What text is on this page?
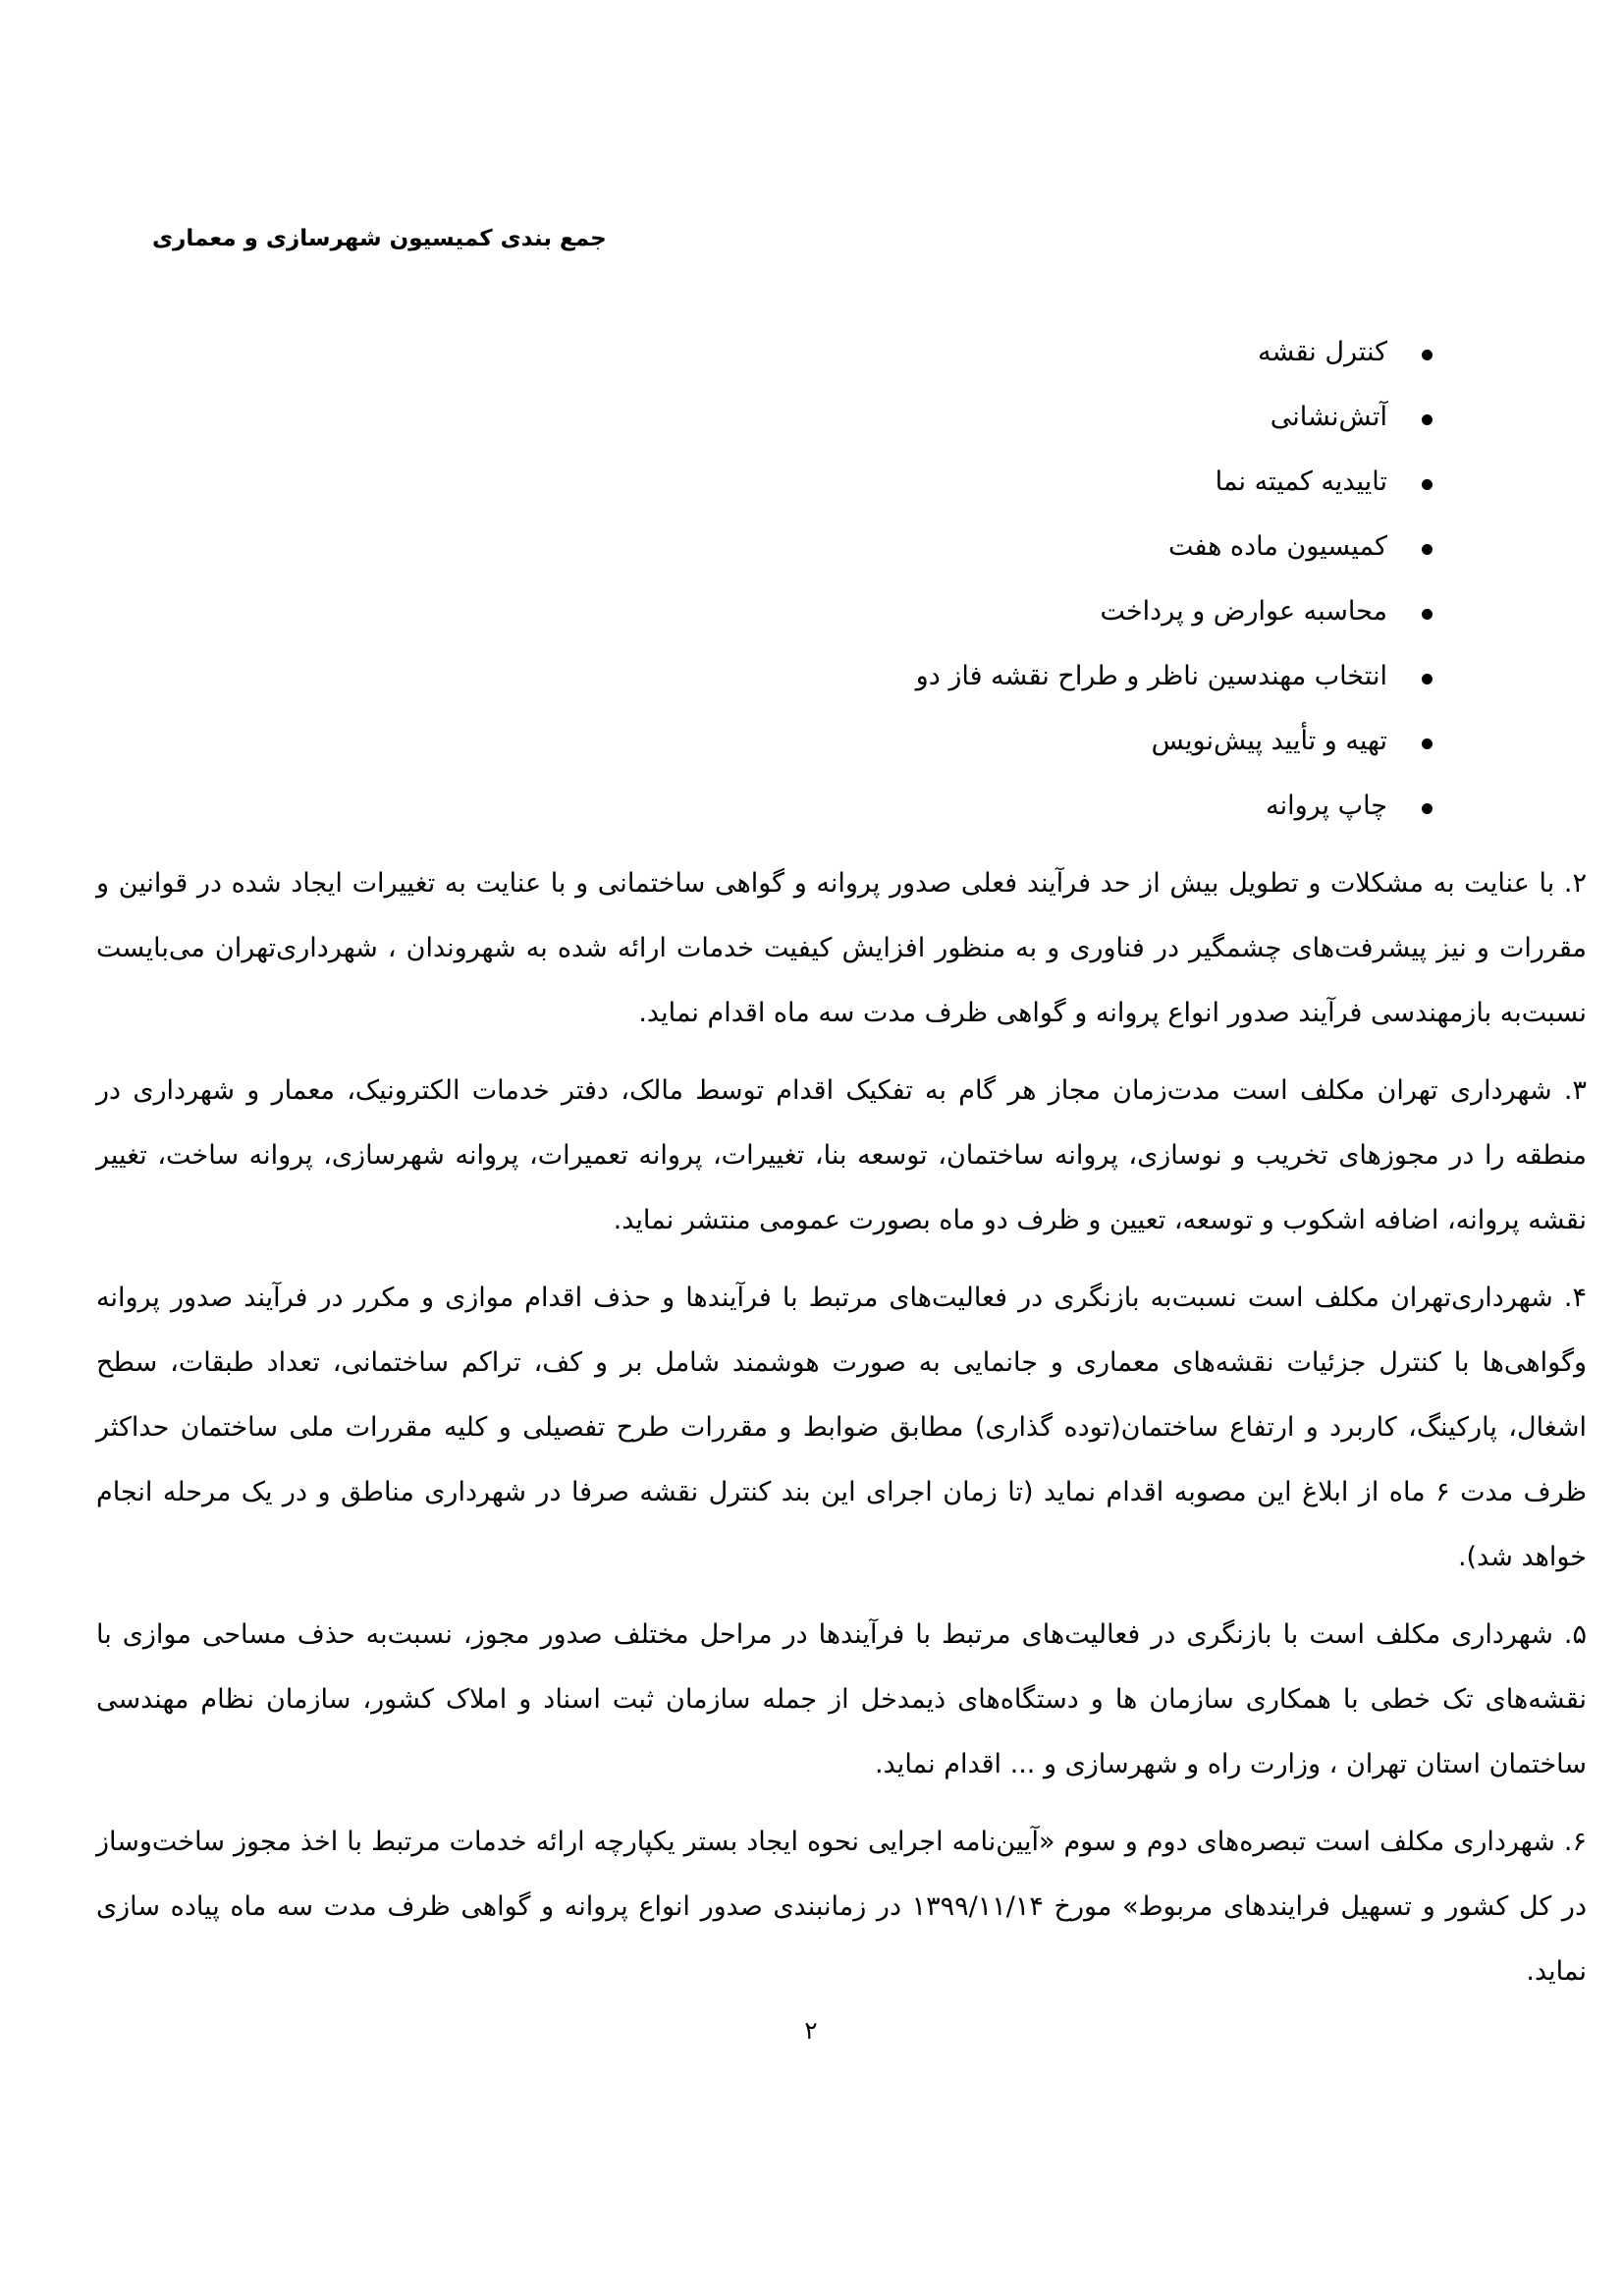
جمع بندی کمیسیون شهرسازی و معماری
کنترل نقشه
آتش‌نشانی
تاییدیه کمیته نما
کمیسیون ماده هفت
محاسبه عوارض و پرداخت
انتخاب مهندسین ناظر و طراح نقشه فاز دو
تهیه و تأیید پیش‌نویس
چاپ پروانه

۲. با عنایت به مشکلات و تطویل بیش از حد فرآیند فعلی صدور پروانه و گواهی ساختمانی و با عنایت به تغییرات ایجاد شده در قوانین و مقررات و نیز پیشرفت‌های چشمگیر در فناوری و به منظور افزایش کیفیت خدمات ارائه شده به شهروندان ، شهرداری‌تهران می‌بایست نسبت‌به بازمهندسی فرآیند صدور انواع پروانه و گواهی ظرف مدت سه ماه اقدام نماید.

۳. شهرداری تهران مکلف است مدت‌زمان مجاز هر گام به تفکیک اقدام توسط مالک، دفتر خدمات الکترونیک، معمار و شهرداری در منطقه را در مجوزهای تخریب و نوسازی، پروانه ساختمان، توسعه بنا، تغییرات، پروانه تعمیرات، پروانه شهرسازی، پروانه ساخت، تغییر نقشه پروانه، اضافه اشکوب و توسعه، تعیین و ظرف دو ماه بصورت عمومی منتشر نماید.

۴. شهرداری‌تهران مکلف است نسبت‌به بازنگری در فعالیت‌های مرتبط با فرآیندها و حذف اقدام موازی و مکرر در فرآیند صدور پروانه وگواهی‌ها با کنترل جزئیات نقشه‌های معماری و جانمایی به صورت هوشمند شامل بر و کف، تراکم ساختمانی، تعداد طبقات، سطح اشغال، پارکینگ، کاربرد و ارتفاع ساختمان(توده گذاری) مطابق ضوابط و مقررات طرح تفصیلی و کلیه مقررات ملی ساختمان حداکثر ظرف مدت ۶ ماه از ابلاغ این مصوبه اقدام نماید (تا زمان اجرای این بند کنترل نقشه صرفا در شهرداری مناطق و در یک مرحله انجام خواهد شد).

۵. شهرداری مکلف است با بازنگری در فعالیت‌های مرتبط با فرآیندها در مراحل مختلف صدور مجوز، نسبت‌به حذف مساحی موازی با نقشه‌های تک خطی با همکاری سازمان ها و دستگاه‌های ذیمدخل از جمله سازمان ثبت اسناد و املاک کشور، سازمان نظام مهندسی ساختمان استان تهران ، وزارت راه و شهرسازی و ... اقدام نماید.

۶. شهرداری مکلف است تبصره‌های دوم و سوم «آیین‌نامه اجرایی نحوه ایجاد بستر یکپارچه ارائه خدمات مرتبط با اخذ مجوز ساخت‌وساز در کل کشور و تسهیل فرایندهای مربوط» مورخ ۱۳۹۹/۱۱/۱۴ در زمانبندی صدور انواع پروانه و گواهی ظرف مدت سه ماه پیاده سازی نماید.

۲
